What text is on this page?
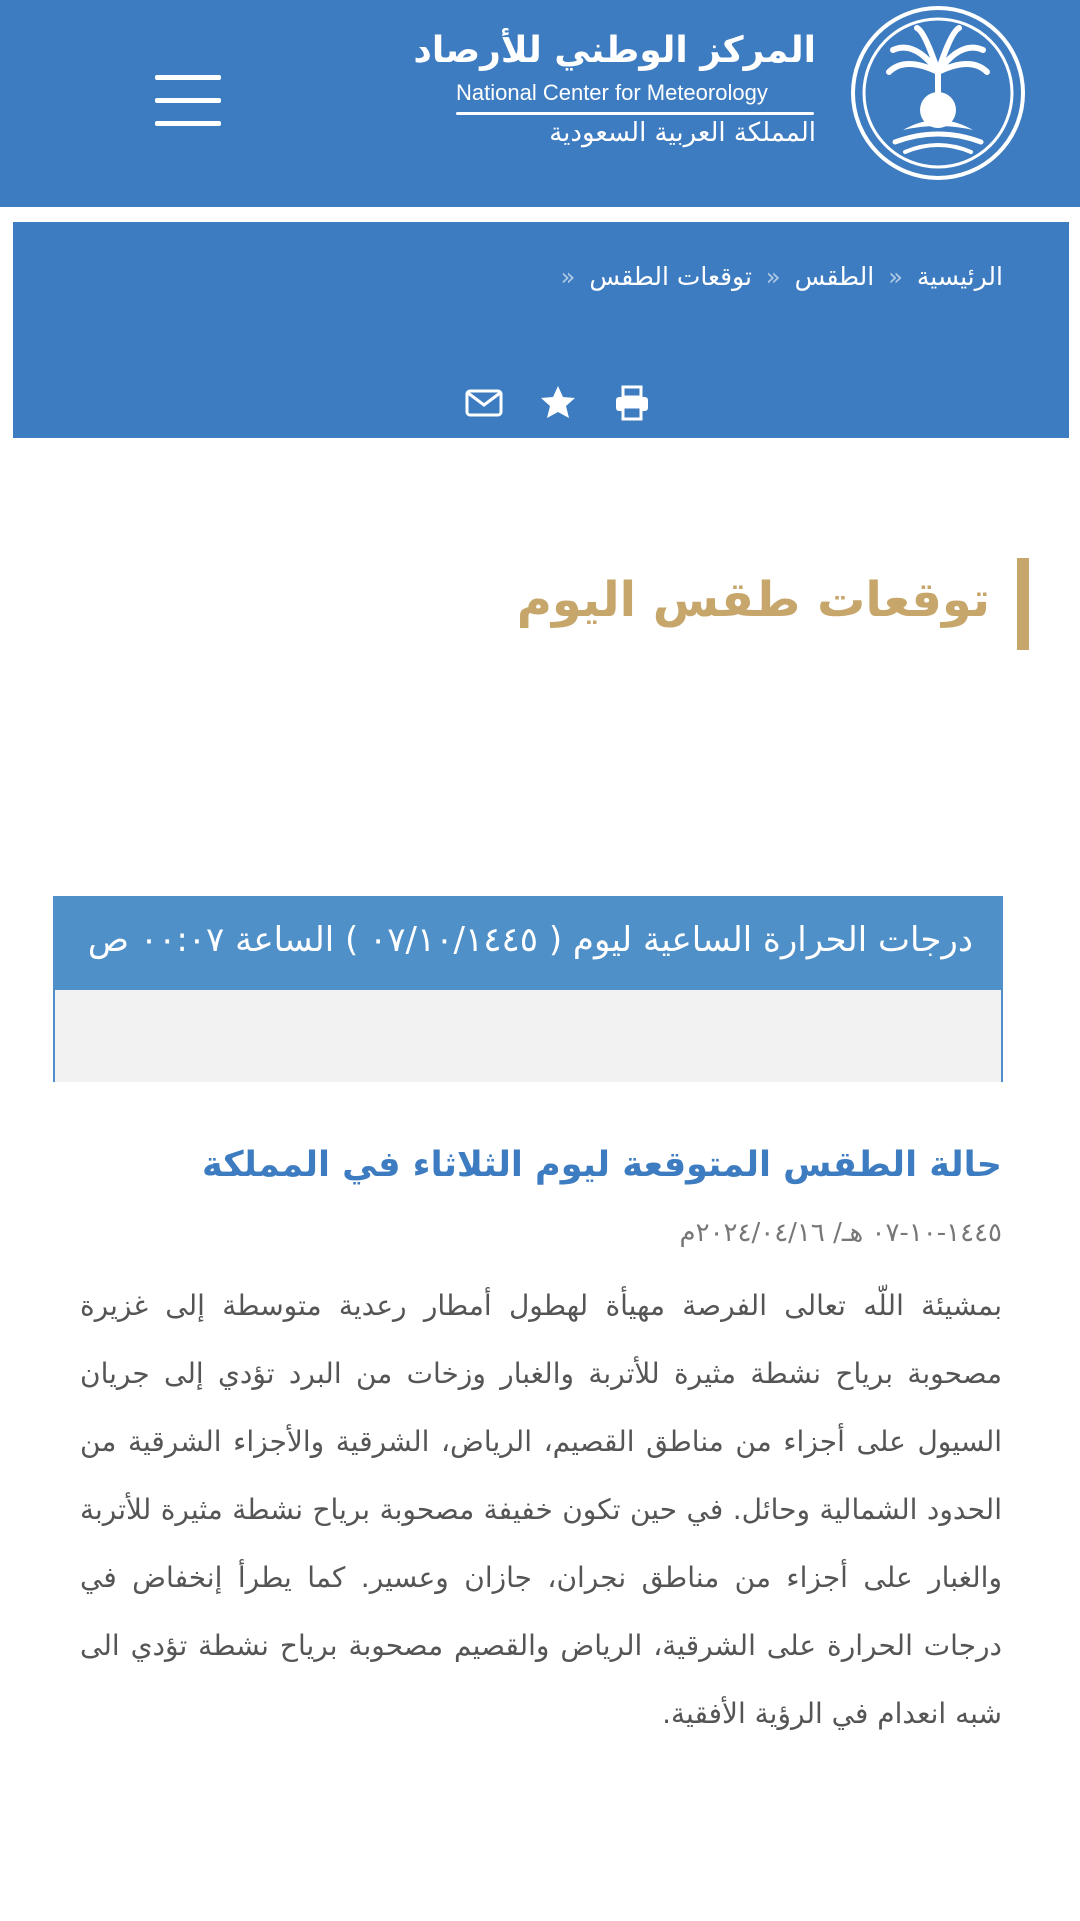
المركز الوطني للأرصاد
National Center for Meteorology
المملكة العربية السعودية
الرئيسية
»
الطقس
»
توقعات الطقس
»
توقعات طقس اليوم
درجات الحرارة الساعية ليوم ( ٠٧/١٠/١٤٤٥ ) الساعة ٠٠:٠٧ ص
حالة الطقس المتوقعة ليوم الثلاثاء في المملكة
١٤٤٥-١٠-٠٧ هـ/ ٢٠٢٤/٠٤/١٦م

بمشيئة اللّه تعالى الفرصة مهيأة لهطول أمطار رعدية متوسطة إلى غزيرة مصحوبة برياح نشطة مثيرة للأتربة والغبار وزخات من البرد تؤدي إلى جريان السيول على أجزاء من مناطق القصيم، الرياض، الشرقية والأجزاء الشرقية من الحدود الشمالية وحائل. في حين تكون خفيفة مصحوبة برياح نشطة مثيرة للأتربة والغبار على أجزاء من مناطق نجران، جازان وعسير. كما يطرأ إنخفاض في درجات الحرارة على الشرقية، الرياض والقصيم مصحوبة برياح نشطة تؤدي الى شبه انعدام في الرؤية الأفقية.
